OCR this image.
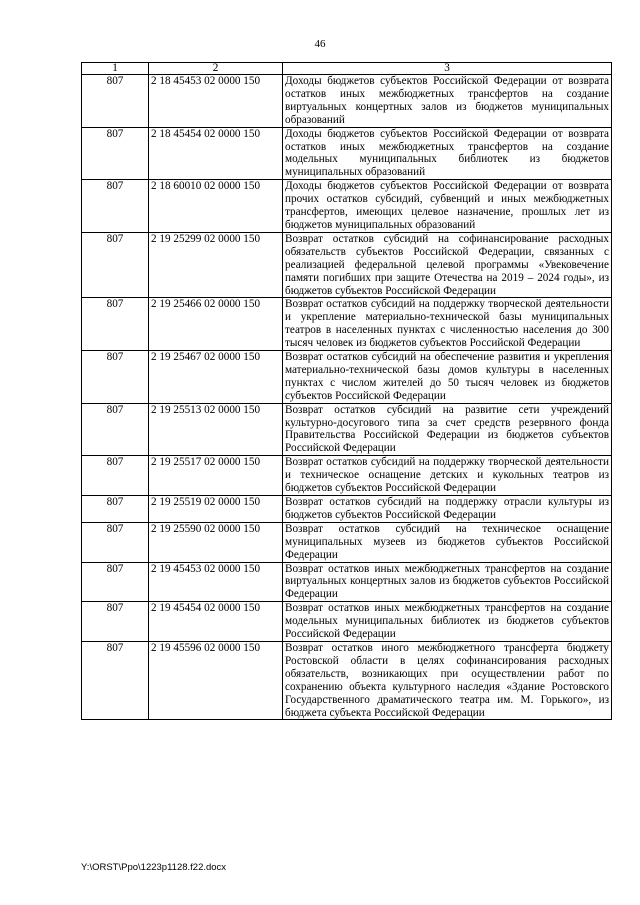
46
1	2	3
807	2 18 45453 02 0000 150	Доходы бюджетов субъектов Российской Федерации от возврата остатков иных межбюджетных трансфертов на создание виртуальных концертных залов из бюджетов муниципальных образований
807	2 18 45454 02 0000 150	Доходы бюджетов субъектов Российской Федерации от возврата остатков иных межбюджетных трансфертов на создание модельных муниципальных библиотек из бюджетов муниципальных образований
807	2 18 60010 02 0000 150	Доходы бюджетов субъектов Российской Федерации от возврата прочих остатков субсидий, субвенций и иных межбюджетных трансфертов, имеющих целевое назначение, прошлых лет из бюджетов муниципальных образований
807	2 19 25299 02 0000 150	Возврат остатков субсидий на софинансирование расходных обязательств субъектов Российской Федерации, связанных с реализацией федеральной целевой программы «Увековечение памяти погибших при защите Отечества на 2019 – 2024 годы», из бюджетов субъектов Российской Федерации
807	2 19 25466 02 0000 150	Возврат остатков субсидий на поддержку творческой деятельности и укрепление материально-технической базы муниципальных театров в населенных пунктах с численностью населения до 300 тысяч человек из бюджетов субъектов Российской Федерации
807	2 19 25467 02 0000 150	Возврат остатков субсидий на обеспечение развития и укрепления материально-технической базы домов культуры в населенных пунктах с числом жителей до 50 тысяч человек из бюджетов субъектов Российской Федерации
807	2 19 25513 02 0000 150	Возврат остатков субсидий на развитие сети учреждений культурно-досугового типа за счет средств резервного фонда Правительства Российской Федерации из бюджетов субъектов Российской Федерации
807	2 19 25517 02 0000 150	Возврат остатков субсидий на поддержку творческой деятельности и техническое оснащение детских и кукольных театров из бюджетов субъектов Российской Федерации
807	2 19 25519 02 0000 150	Возврат остатков субсидий на поддержку отрасли культуры из бюджетов субъектов Российской Федерации
807	2 19 25590 02 0000 150	Возврат остатков субсидий на техническое оснащение муниципальных музеев из бюджетов субъектов Российской Федерации
807	2 19 45453 02 0000 150	Возврат остатков иных межбюджетных трансфертов на создание виртуальных концертных залов из бюджетов субъектов Российской Федерации
807	2 19 45454 02 0000 150	Возврат остатков иных межбюджетных трансфертов на создание модельных муниципальных библиотек из бюджетов субъектов Российской Федерации
807	2 19 45596 02 0000 150	Возврат остатков иного межбюджетного трансферта бюджету Ростовской области в целях софинансирования расходных обязательств, возникающих при осуществлении работ по сохранению объекта культурного наследия «Здание Ростовского Государственного драматического театра им. М. Горького», из бюджета субъекта Российской Федерации
Y:\ORST\Ppo\1223p1128.f22.docx
